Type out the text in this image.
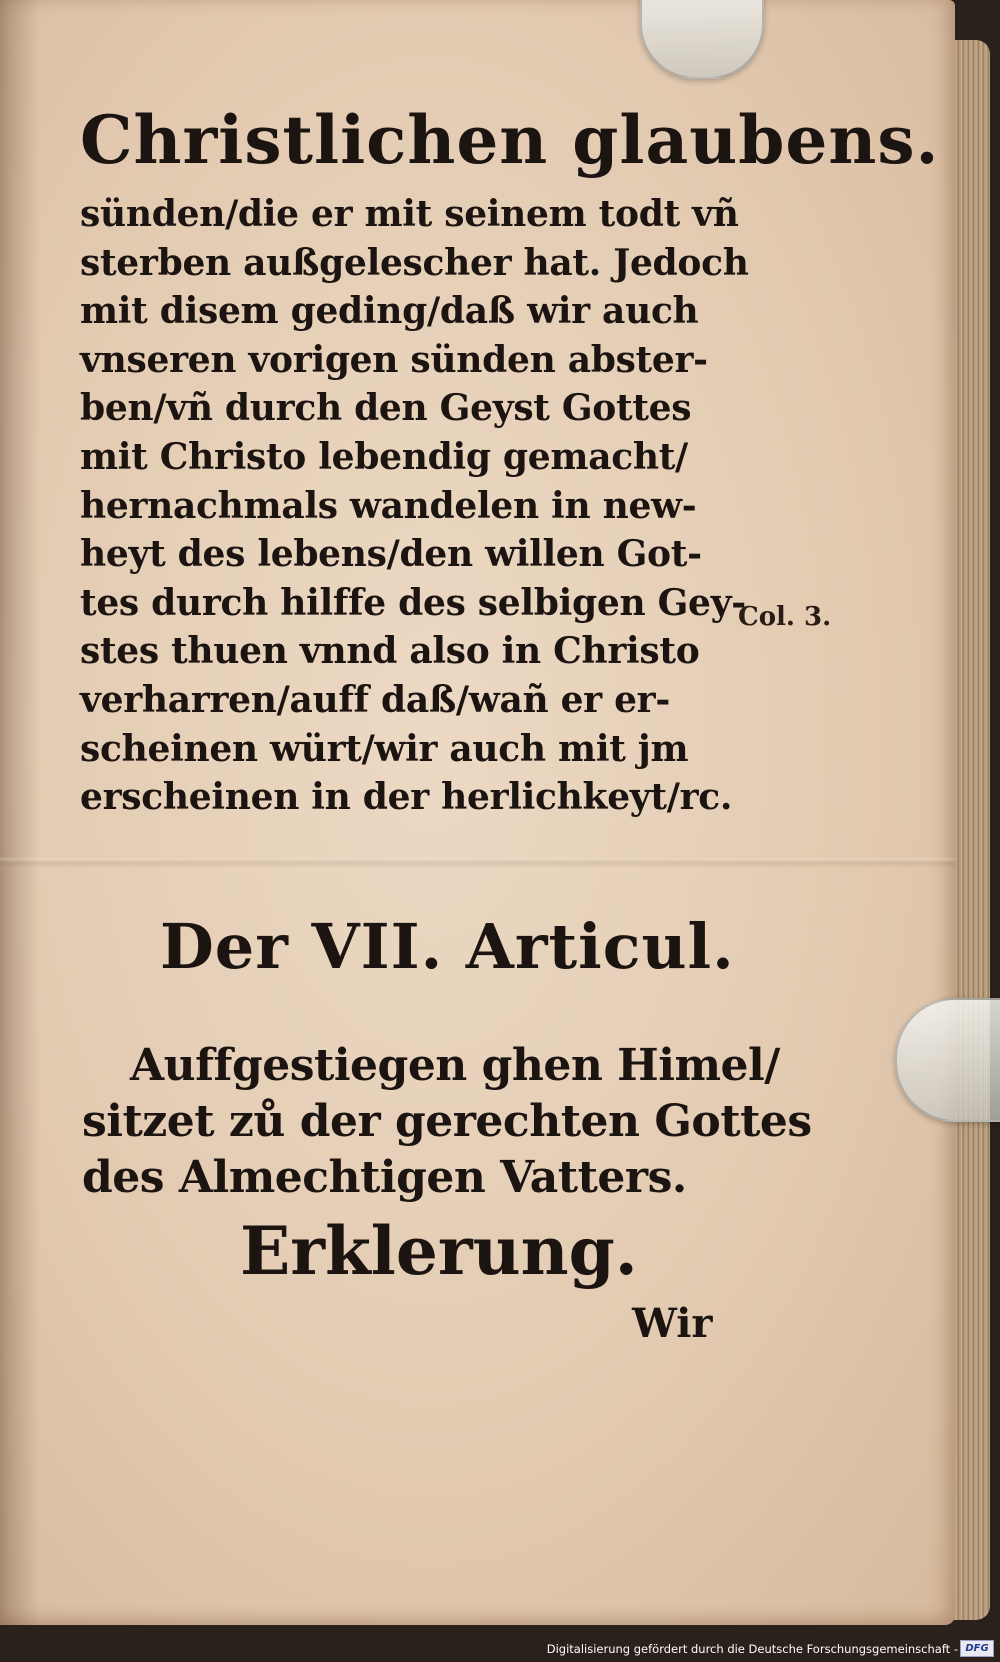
Christlichen glaubens.
sünden/die er mit seinem todt vñ
sterben außgelescher hat. Jedoch
mit disem geding/daß wir auch
vnseren vorigen sünden abster-
ben/vñ durch den Geyst Gottes
mit Christo lebendig gemacht/
hernachmals wandelen in new-
heyt des lebens/den willen Got-
tes durch hilffe des selbigen Gey-
stes thuen vnnd also in Christo
verharren/auff daß/wañ er er-
scheinen würt/wir auch mit jm
erscheinen in der herlichkeyt/rc.
Col. 3.
Der VII. Articul.
Auffgestiegen ghen Himel/
sitzet zů der gerechten Gottes
des Almechtigen Vatters.
Erklerung.
Wir
Digitalisierung gefördert durch die Deutsche Forschungsgemeinschaft - DFG
